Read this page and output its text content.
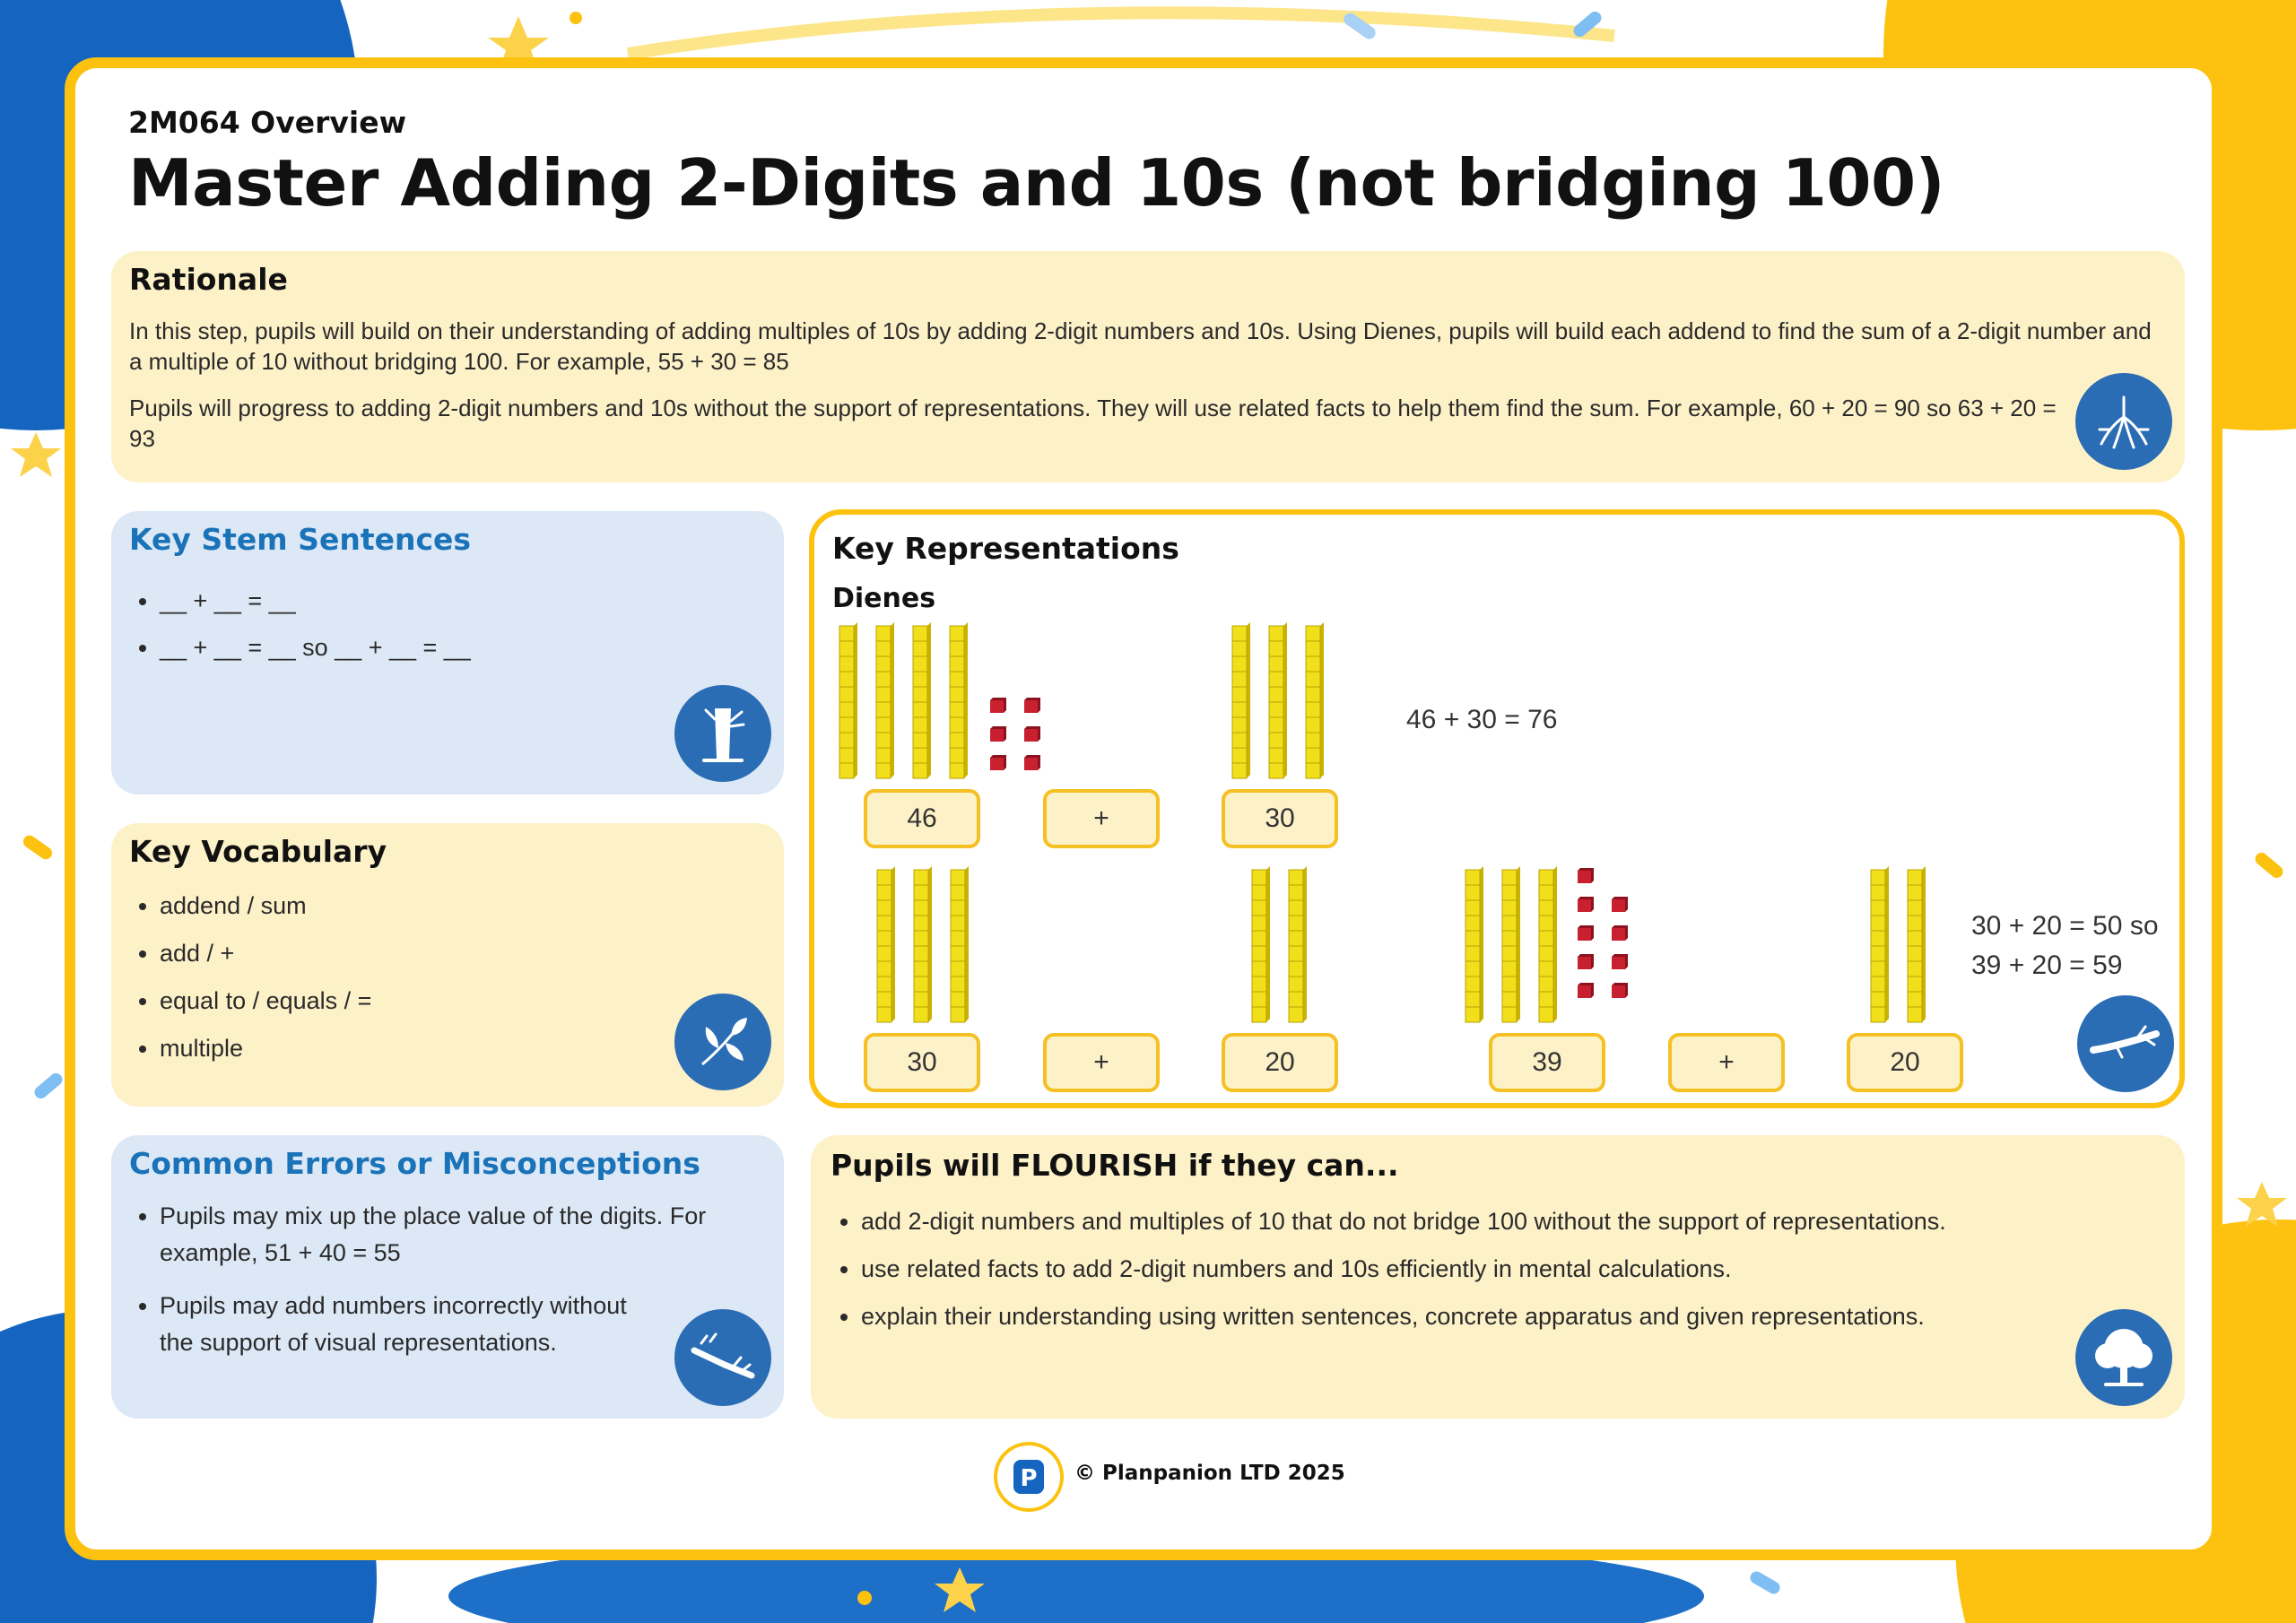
2M064 Overview
Master Adding 2-Digits and 10s (not bridging 100)
Rationale
In this step, pupils will build on their understanding of adding multiples of 10s by adding 2-digit numbers and 10s. Using Dienes, pupils will build each addend to find the sum of a 2-digit number and a multiple of 10 without bridging 100. For example, 55 + 30 = 85
Pupils will progress to adding 2-digit numbers and 10s without the support of representations. They will use related facts to help them find the sum. For example, 60 + 20 = 90 so 63 + 20 = 93
Key Stem Sentences
• __ + __ = __
• __ + __ = __ so __ + __ = __
Key Vocabulary
• addend / sum
• add / +
• equal to / equals / =
• multiple
Common Errors or Misconceptions
• Pupils may mix up the place value of the digits. For example, 51 + 40 = 55
• Pupils may add numbers incorrectly without the support of visual representations.
Key Representations
Dienes
46	+	30
46 + 30 = 76
30	+	20	39	+	20
30 + 20 = 50 so
39 + 20 = 59
Pupils will FLOURISH if they can...
• add 2-digit numbers and multiples of 10 that do not bridge 100 without the support of representations.
• use related facts to add 2-digit numbers and 10s efficiently in mental calculations.
• explain their understanding using written sentences, concrete apparatus and given representations.
P © Planpanion LTD 2025
